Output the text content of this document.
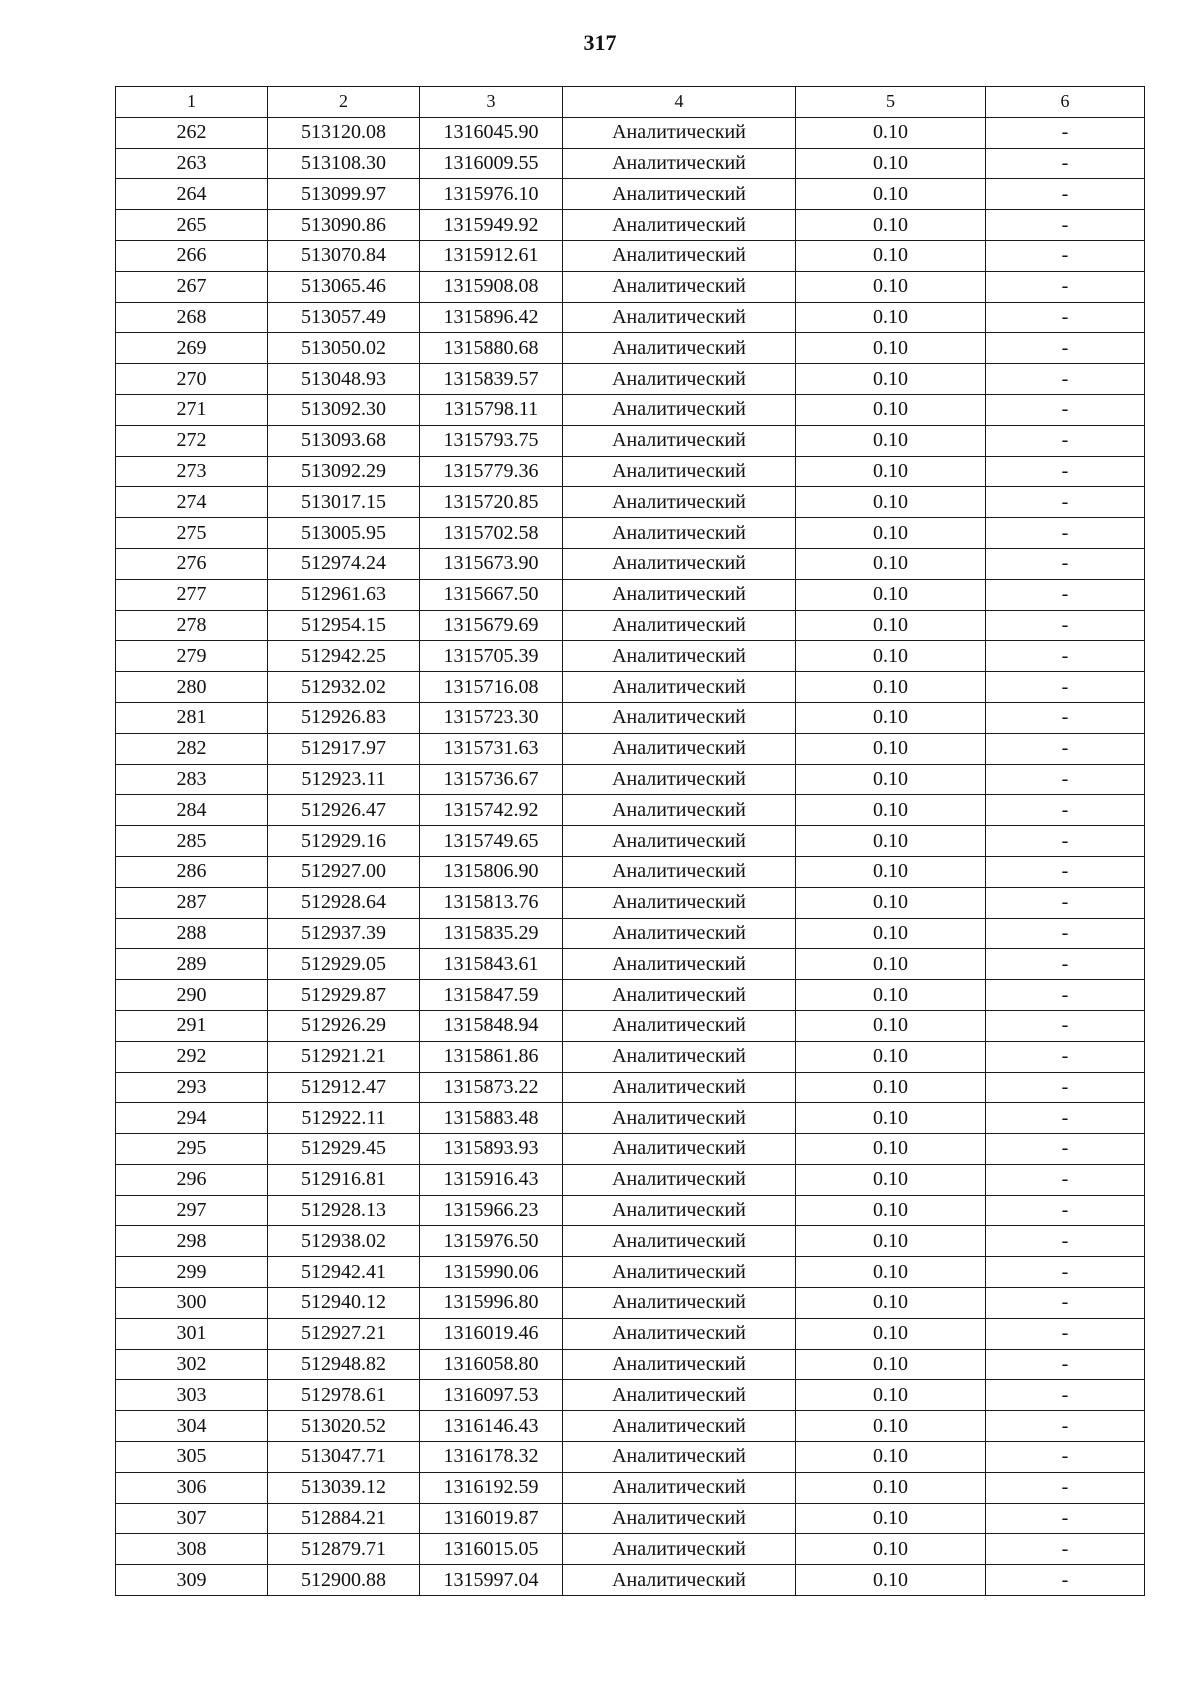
317
1	2	3	4	5	6
262	513120.08	1316045.90	Аналитический	0.10	-
263	513108.30	1316009.55	Аналитический	0.10	-
264	513099.97	1315976.10	Аналитический	0.10	-
265	513090.86	1315949.92	Аналитический	0.10	-
266	513070.84	1315912.61	Аналитический	0.10	-
267	513065.46	1315908.08	Аналитический	0.10	-
268	513057.49	1315896.42	Аналитический	0.10	-
269	513050.02	1315880.68	Аналитический	0.10	-
270	513048.93	1315839.57	Аналитический	0.10	-
271	513092.30	1315798.11	Аналитический	0.10	-
272	513093.68	1315793.75	Аналитический	0.10	-
273	513092.29	1315779.36	Аналитический	0.10	-
274	513017.15	1315720.85	Аналитический	0.10	-
275	513005.95	1315702.58	Аналитический	0.10	-
276	512974.24	1315673.90	Аналитический	0.10	-
277	512961.63	1315667.50	Аналитический	0.10	-
278	512954.15	1315679.69	Аналитический	0.10	-
279	512942.25	1315705.39	Аналитический	0.10	-
280	512932.02	1315716.08	Аналитический	0.10	-
281	512926.83	1315723.30	Аналитический	0.10	-
282	512917.97	1315731.63	Аналитический	0.10	-
283	512923.11	1315736.67	Аналитический	0.10	-
284	512926.47	1315742.92	Аналитический	0.10	-
285	512929.16	1315749.65	Аналитический	0.10	-
286	512927.00	1315806.90	Аналитический	0.10	-
287	512928.64	1315813.76	Аналитический	0.10	-
288	512937.39	1315835.29	Аналитический	0.10	-
289	512929.05	1315843.61	Аналитический	0.10	-
290	512929.87	1315847.59	Аналитический	0.10	-
291	512926.29	1315848.94	Аналитический	0.10	-
292	512921.21	1315861.86	Аналитический	0.10	-
293	512912.47	1315873.22	Аналитический	0.10	-
294	512922.11	1315883.48	Аналитический	0.10	-
295	512929.45	1315893.93	Аналитический	0.10	-
296	512916.81	1315916.43	Аналитический	0.10	-
297	512928.13	1315966.23	Аналитический	0.10	-
298	512938.02	1315976.50	Аналитический	0.10	-
299	512942.41	1315990.06	Аналитический	0.10	-
300	512940.12	1315996.80	Аналитический	0.10	-
301	512927.21	1316019.46	Аналитический	0.10	-
302	512948.82	1316058.80	Аналитический	0.10	-
303	512978.61	1316097.53	Аналитический	0.10	-
304	513020.52	1316146.43	Аналитический	0.10	-
305	513047.71	1316178.32	Аналитический	0.10	-
306	513039.12	1316192.59	Аналитический	0.10	-
307	512884.21	1316019.87	Аналитический	0.10	-
308	512879.71	1316015.05	Аналитический	0.10	-
309	512900.88	1315997.04	Аналитический	0.10	-
